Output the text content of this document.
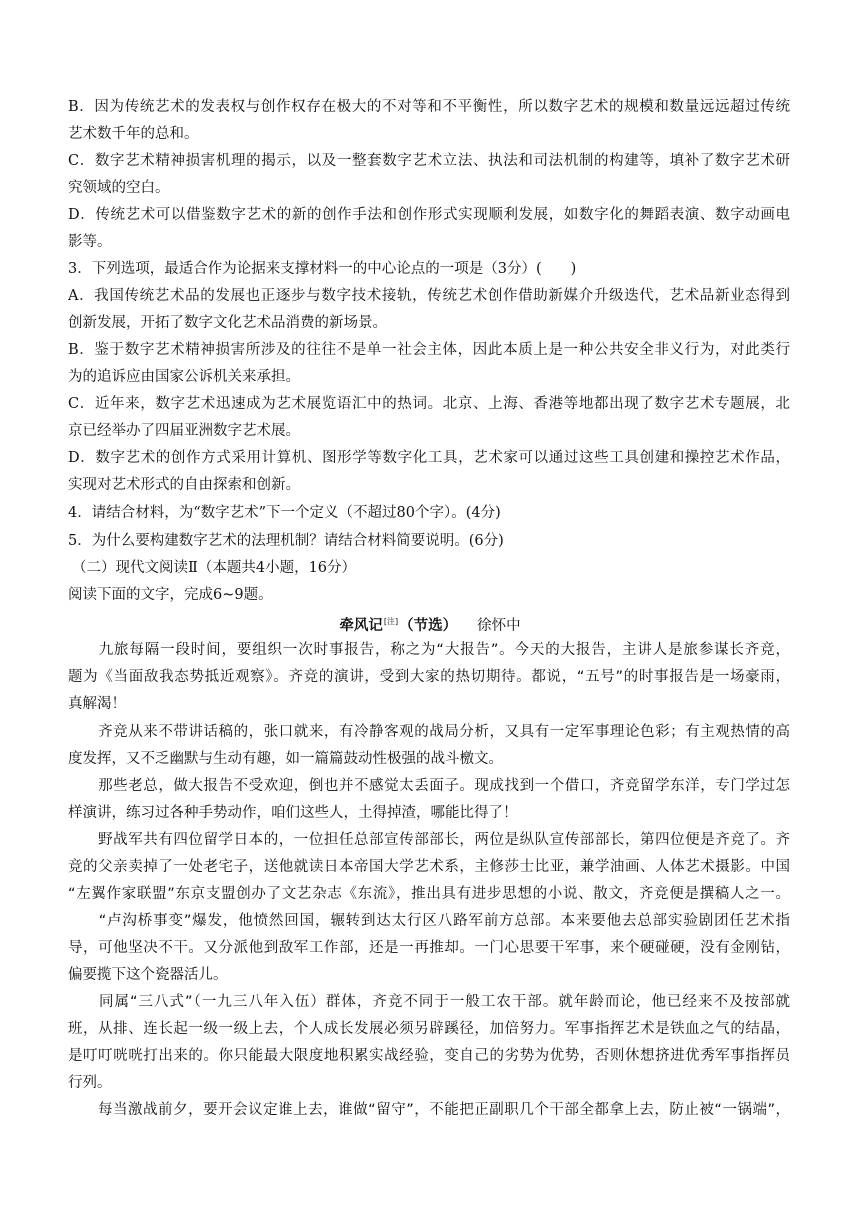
B．因为传统艺术的发表权与创作权存在极大的不对等和不平衡性，所以数字艺术的规模和数量远远超过传统
艺术数千年的总和。
C．数字艺术精神损害机理的揭示，以及一整套数字艺术立法、执法和司法机制的构建等，填补了数字艺术研
究领域的空白。
D．传统艺术可以借鉴数字艺术的新的创作手法和创作形式实现顺利发展，如数字化的舞蹈表演、数字动画电
影等。
3．下列选项，最适合作为论据来支撑材料一的中心论点的一项是（3分）(　　)
A．我国传统艺术品的发展也正逐步与数字技术接轨，传统艺术创作借助新媒介升级迭代，艺术品新业态得到
创新发展，开拓了数字文化艺术品消费的新场景。
B．鉴于数字艺术精神损害所涉及的往往不是单一社会主体，因此本质上是一种公共安全非义行为，对此类行
为的追诉应由国家公诉机关来承担。
C．近年来，数字艺术迅速成为艺术展览语汇中的热词。北京、上海、香港等地都出现了数字艺术专题展，北
京已经举办了四届亚洲数字艺术展。
D．数字艺术的创作方式采用计算机、图形学等数字化工具，艺术家可以通过这些工具创建和操控艺术作品，
实现对艺术形式的自由探索和创新。
4．请结合材料，为“数字艺术”下一个定义（不超过80个字）。(4分)
5．为什么要构建数字艺术的法理机制？请结合材料简要说明。(6分)
（二）现代文阅读Ⅱ（本题共4小题，16分）
阅读下面的文字，完成6~9题。
牵风记[注]（节选） 徐怀中
　　九旅每隔一段时间，要组织一次时事报告，称之为“大报告”。今天的大报告，主讲人是旅参谋长齐竞，
题为《当面敌我态势抵近观察》。齐竞的演讲，受到大家的热切期待。都说，“五号”的时事报告是一场豪雨，
真解渴！
　　齐竞从来不带讲话稿的，张口就来，有冷静客观的战局分析，又具有一定军事理论色彩；有主观热情的高
度发挥，又不乏幽默与生动有趣，如一篇篇鼓动性极强的战斗檄文。
　　那些老总，做大报告不受欢迎，倒也并不感觉太丢面子。现成找到一个借口，齐竞留学东洋，专门学过怎
样演讲，练习过各种手势动作，咱们这些人，土得掉渣，哪能比得了！
　　野战军共有四位留学日本的，一位担任总部宣传部部长，两位是纵队宣传部部长，第四位便是齐竞了。齐
竞的父亲卖掉了一处老宅子，送他就读日本帝国大学艺术系，主修莎士比亚，兼学油画、人体艺术摄影。中国
“左翼作家联盟”东京支盟创办了文艺杂志《东流》，推出具有进步思想的小说、散文，齐竞便是撰稿人之一。
　　“卢沟桥事变”爆发，他愤然回国，辗转到达太行区八路军前方总部。本来要他去总部实验剧团任艺术指
导，可他坚决不干。又分派他到敌军工作部，还是一再推却。一门心思要干军事，来个硬碰硬，没有金刚钻，
偏要揽下这个瓷器活儿。
　　同属“三八式”（一九三八年入伍）群体，齐竞不同于一般工农干部。就年龄而论，他已经来不及按部就
班，从排、连长起一级一级上去，个人成长发展必须另辟蹊径，加倍努力。军事指挥艺术是铁血之气的结晶，
是叮叮咣咣打出来的。你只能最大限度地积累实战经验，变自己的劣势为优势，否则休想挤进优秀军事指挥员
行列。
　　每当激战前夕，要开会议定谁上去，谁做“留守”，不能把正副职几个干部全都拿上去，防止被“一锅端”，
